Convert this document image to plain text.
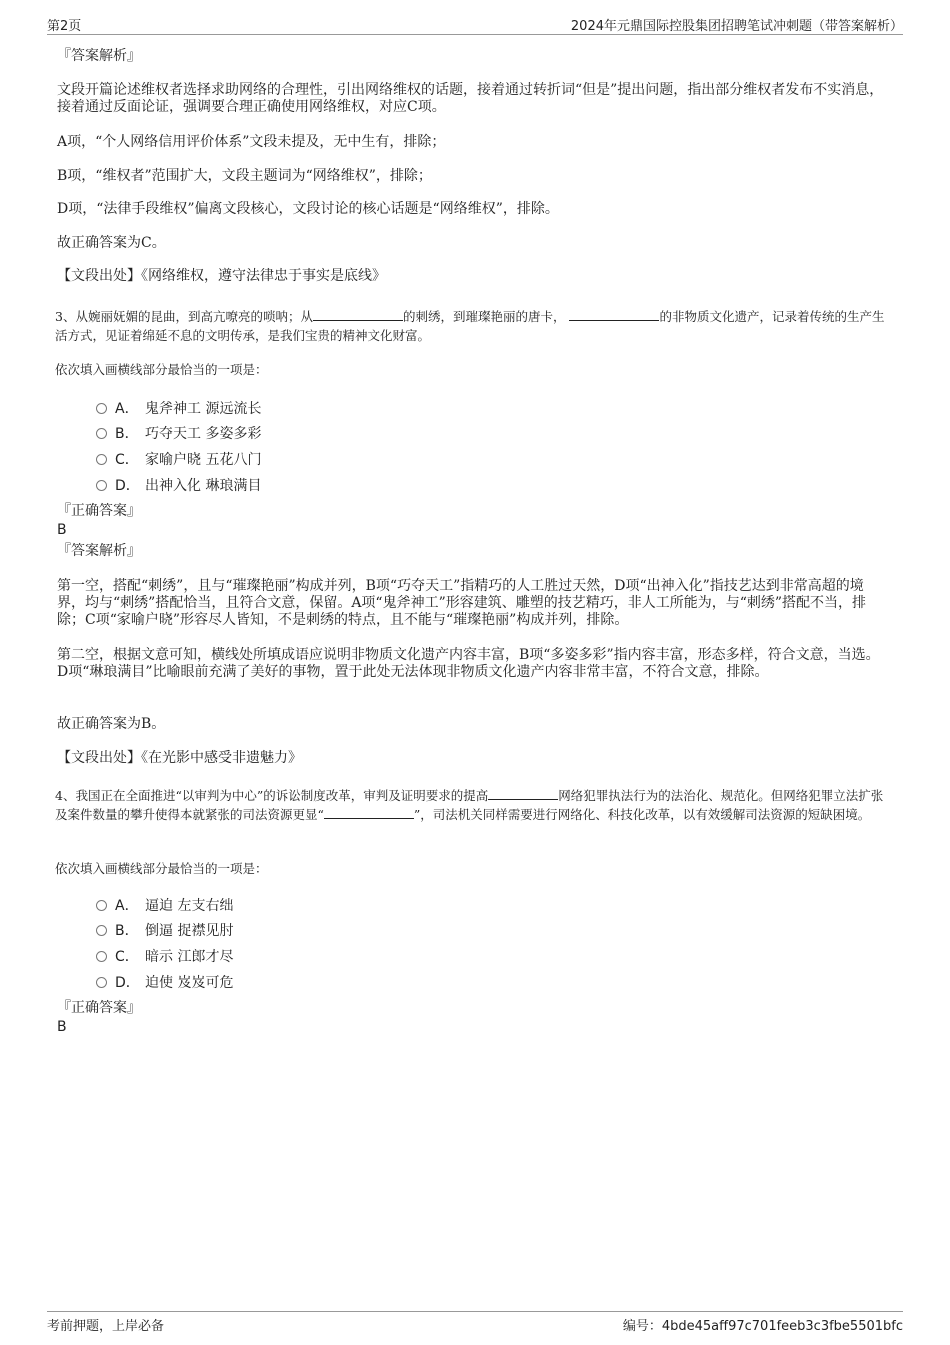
第2页	2024年元鼎国际控股集团招聘笔试冲刺题（带答案解析）
『答案解析』
文段开篇论述维权者选择求助网络的合理性，引出网络维权的话题，接着通过转折词“但是”提出问题，指出部分维权者发布不实消息，接着通过反面论证，强调要合理正确使用网络维权，对应C项。
A项，“个人网络信用评价体系”文段未提及，无中生有，排除；
B项，“维权者”范围扩大，文段主题词为“网络维权”，排除；
D项，“法律手段维权”偏离文段核心，文段讨论的核心话题是“网络维权”，排除。
故正确答案为C。
【文段出处】《网络维权，遵守法律忠于事实是底线》
3、从婉丽妩媚的昆曲，到高亢嘹亮的唢呐；从	的刺绣，到璀璨艳丽的唐卡，	的非物质文化遗产，记录着传统的生产生活方式，见证着绵延不息的文明传承，是我们宝贵的精神文化财富。
依次填入画横线部分最恰当的一项是：
A． 鬼斧神工 源远流长
B． 巧夺天工 多姿多彩
C． 家喻户晓 五花八门
D． 出神入化 琳琅满目
『正确答案』
B
『答案解析』
第一空，搭配“刺绣”，且与“璀璨艳丽”构成并列，B项“巧夺天工”指精巧的人工胜过天然，D项“出神入化”指技艺达到非常高超的境界，均与“刺绣”搭配恰当，且符合文意，保留。A项“鬼斧神工”形容建筑、雕塑的技艺精巧，非人工所能为，与“刺绣”搭配不当，排除；C项“家喻户晓”形容尽人皆知，不是刺绣的特点，且不能与“璀璨艳丽”构成并列，排除。
第二空，根据文意可知，横线处所填成语应说明非物质文化遗产内容丰富，B项“多姿多彩”指内容丰富，形态多样，符合文意，当选。D项“琳琅满目”比喻眼前充满了美好的事物，置于此处无法体现非物质文化遗产内容非常丰富，不符合文意，排除。
故正确答案为B。
【文段出处】《在光影中感受非遗魅力》
4、我国正在全面推进“以审判为中心”的诉讼制度改革，审判及证明要求的提高	网络犯罪执法行为的法治化、规范化。但网络犯罪立法扩张及案件数量的攀升使得本就紧张的司法资源更显“	”，司法机关同样需要进行网络化、科技化改革，以有效缓解司法资源的短缺困境。
依次填入画横线部分最恰当的一项是：
A． 逼迫 左支右绌
B． 倒逼 捉襟见肘
C． 暗示 江郎才尽
D． 迫使 岌岌可危
『正确答案』
B
考前押题，上岸必备	编号：4bde45aff97c701feeb3c3fbe5501bfc
